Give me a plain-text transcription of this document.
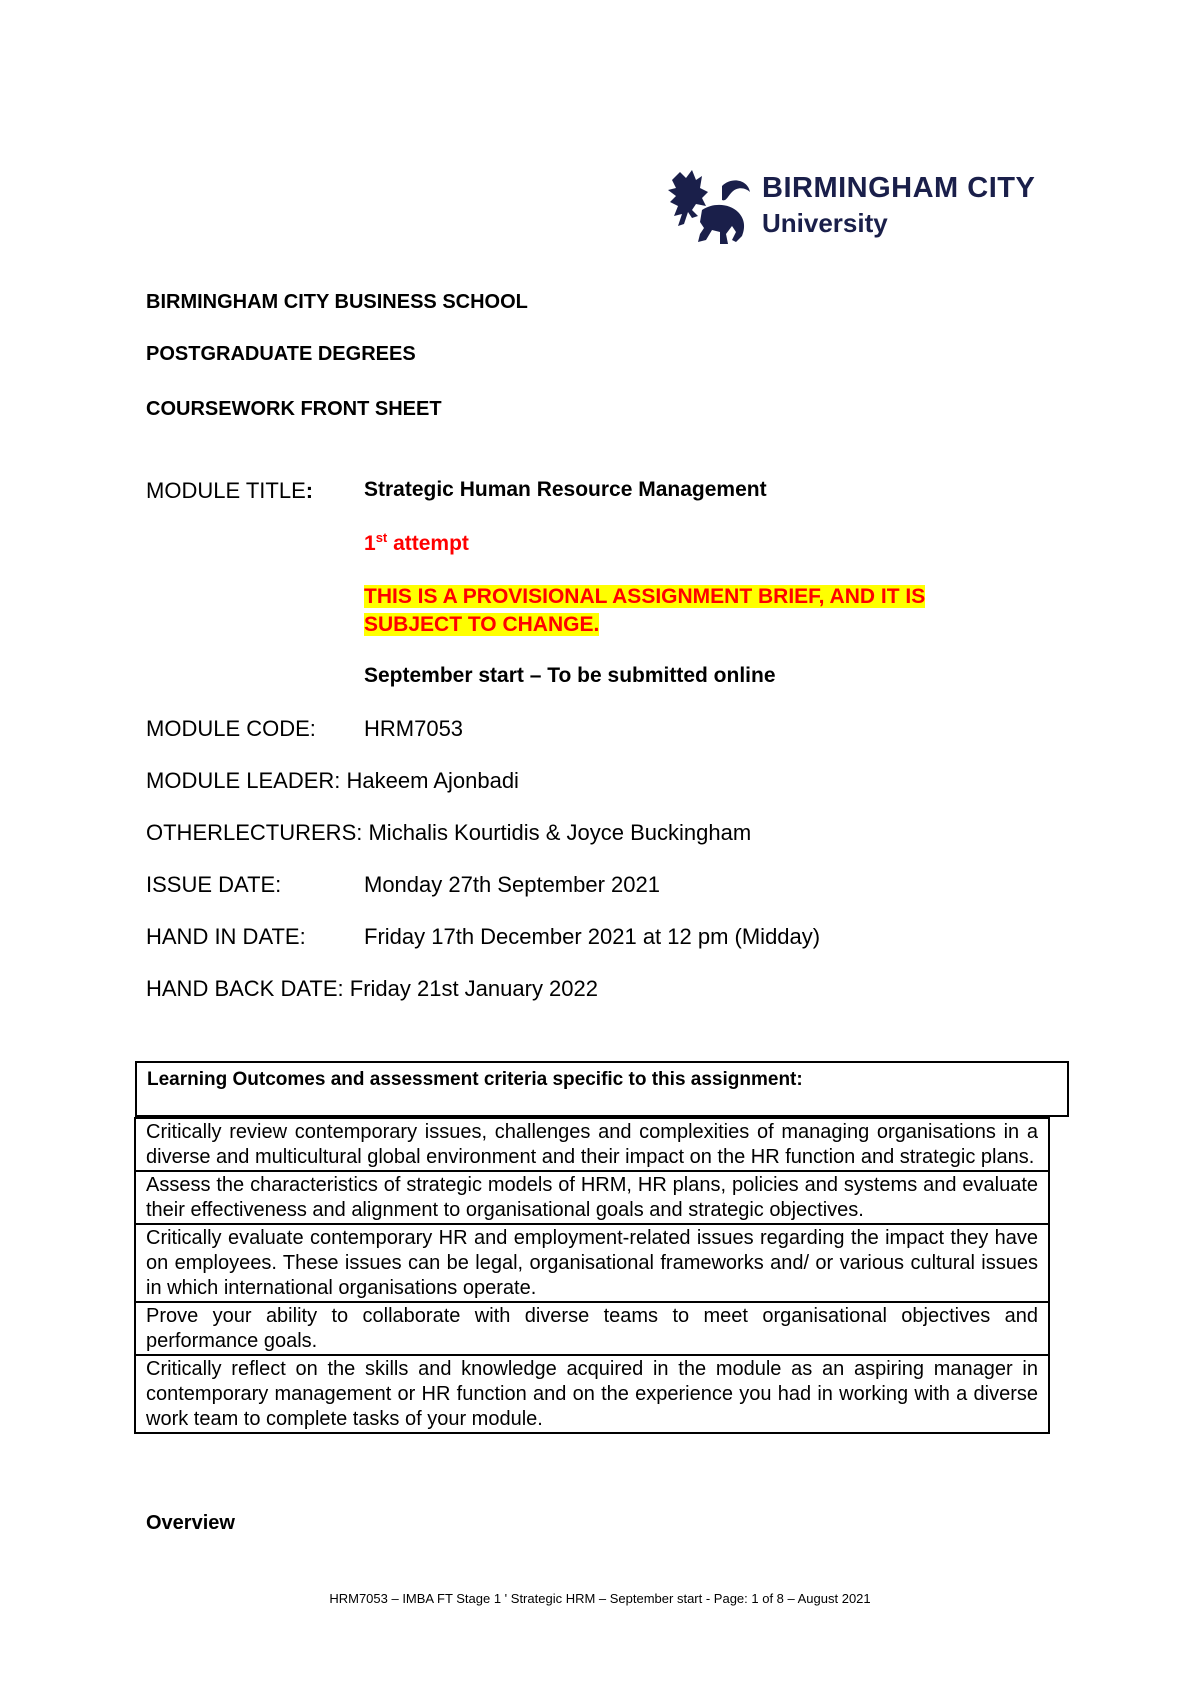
BIRMINGHAM CITY
University
BIRMINGHAM CITY BUSINESS SCHOOL
POSTGRADUATE DEGREES
COURSEWORK FRONT SHEET
MODULE TITLE: Strategic Human Resource Management
1st attempt
THIS IS A PROVISIONAL ASSIGNMENT BRIEF, AND IT IS
SUBJECT TO CHANGE.
September start – To be submitted online
MODULE CODE: HRM7053
MODULE LEADER: Hakeem Ajonbadi
OTHERLECTURERS: Michalis Kourtidis & Joyce Buckingham
ISSUE DATE:	Monday 27th September 2021
HAND IN DATE:	Friday 17th December 2021 at 12 pm (Midday)
HAND BACK DATE: Friday 21st January 2022
Learning Outcomes and assessment criteria specific to this assignment:
Critically review contemporary issues, challenges and complexities of managing organisations in a diverse and multicultural global environment and their impact on the HR function and strategic plans.
Assess the characteristics of strategic models of HRM, HR plans, policies and systems and evaluate their effectiveness and alignment to organisational goals and strategic objectives.
Critically evaluate contemporary HR and employment-related issues regarding the impact they have on employees. These issues can be legal, organisational frameworks and/ or various cultural issues in which international organisations operate.
Prove your ability to collaborate with diverse teams to meet organisational objectives and performance goals.
Critically reflect on the skills and knowledge acquired in the module as an aspiring manager in contemporary management or HR function and on the experience you had in working with a diverse work team to complete tasks of your module.
Overview
HRM7053 – IMBA FT Stage 1 ' Strategic HRM – September start - Page: 1 of 8 – August 2021
